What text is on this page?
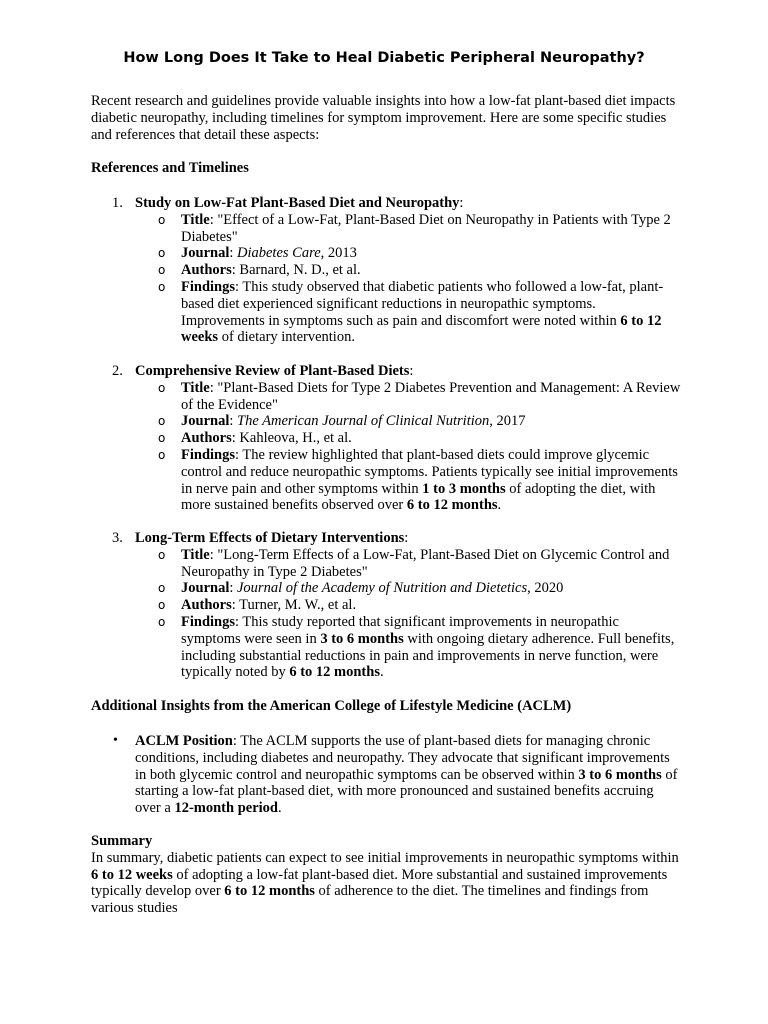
How Long Does It Take to Heal Diabetic Peripheral Neuropathy?
Recent research and guidelines provide valuable insights into how a low-fat plant-based diet impacts diabetic neuropathy, including timelines for symptom improvement. Here are some specific studies and references that detail these aspects:
References and Timelines
1. Study on Low-Fat Plant-Based Diet and Neuropathy:
o Title: "Effect of a Low-Fat, Plant-Based Diet on Neuropathy in Patients with Type 2 Diabetes"
o Journal: Diabetes Care, 2013
o Authors: Barnard, N. D., et al.
o Findings: This study observed that diabetic patients who followed a low-fat, plant-based diet experienced significant reductions in neuropathic symptoms. Improvements in symptoms such as pain and discomfort were noted within 6 to 12 weeks of dietary intervention.
2. Comprehensive Review of Plant-Based Diets:
o Title: "Plant-Based Diets for Type 2 Diabetes Prevention and Management: A Review of the Evidence"
o Journal: The American Journal of Clinical Nutrition, 2017
o Authors: Kahleova, H., et al.
o Findings: The review highlighted that plant-based diets could improve glycemic control and reduce neuropathic symptoms. Patients typically see initial improvements in nerve pain and other symptoms within 1 to 3 months of adopting the diet, with more sustained benefits observed over 6 to 12 months.
3. Long-Term Effects of Dietary Interventions:
o Title: "Long-Term Effects of a Low-Fat, Plant-Based Diet on Glycemic Control and Neuropathy in Type 2 Diabetes"
o Journal: Journal of the Academy of Nutrition and Dietetics, 2020
o Authors: Turner, M. W., et al.
o Findings: This study reported that significant improvements in neuropathic symptoms were seen in 3 to 6 months with ongoing dietary adherence. Full benefits, including substantial reductions in pain and improvements in nerve function, were typically noted by 6 to 12 months.
Additional Insights from the American College of Lifestyle Medicine (ACLM)
• ACLM Position: The ACLM supports the use of plant-based diets for managing chronic conditions, including diabetes and neuropathy. They advocate that significant improvements in both glycemic control and neuropathic symptoms can be observed within 3 to 6 months of starting a low-fat plant-based diet, with more pronounced and sustained benefits accruing over a 12-month period.
Summary
In summary, diabetic patients can expect to see initial improvements in neuropathic symptoms within 6 to 12 weeks of adopting a low-fat plant-based diet. More substantial and sustained improvements typically develop over 6 to 12 months of adherence to the diet. The timelines and findings from various studies
